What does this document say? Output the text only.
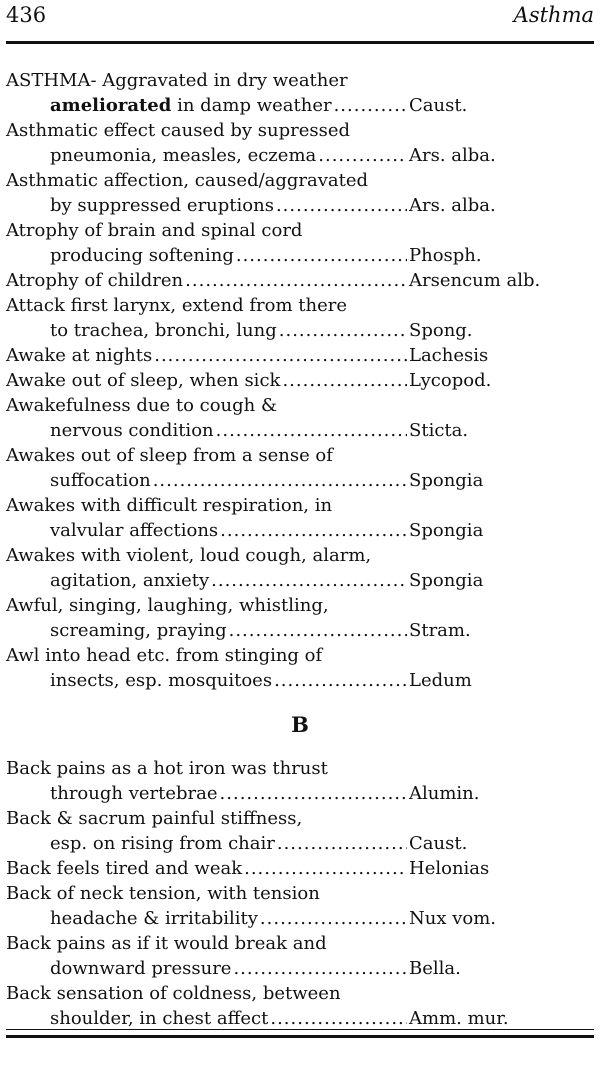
436	Asthma
ASTHMA- Aggravated in dry weather
ameliorated in damp weather .....	Caust.
Asthmatic effect caused by supressed
pneumonia, measles, eczema .....	Ars. alba.
Asthmatic affection, caused/aggravated
by suppressed eruptions .....	Ars. alba.
Atrophy of brain and spinal cord
producing softening .....	Phosph.
Atrophy of children .....	Arsencum alb.
Attack first larynx, extend from there
to trachea, bronchi, lung .....	Spong.
Awake at nights .....	Lachesis
Awake out of sleep, when sick .....	Lycopod.
Awakefulness due to cough &
nervous condition .....	Sticta.
Awakes out of sleep from a sense of
suffocation .....	Spongia
Awakes with difficult respiration, in
valvular affections .....	Spongia
Awakes with violent, loud cough, alarm,
agitation, anxiety .....	Spongia
Awful, singing, laughing, whistling,
screaming, praying .....	Stram.
Awl into head etc. from stinging of
insects, esp. mosquitoes .....	Ledum
B
Back pains as a hot iron was thrust
through vertebrae .....	Alumin.
Back & sacrum painful stiffness,
esp. on rising from chair .....	Caust.
Back feels tired and weak .....	Helonias
Back of neck tension, with tension
headache & irritability .....	Nux vom.
Back pains as if it would break and
downward pressure .....	Bella.
Back sensation of coldness, between
shoulder, in chest affect .....	Amm. mur.
